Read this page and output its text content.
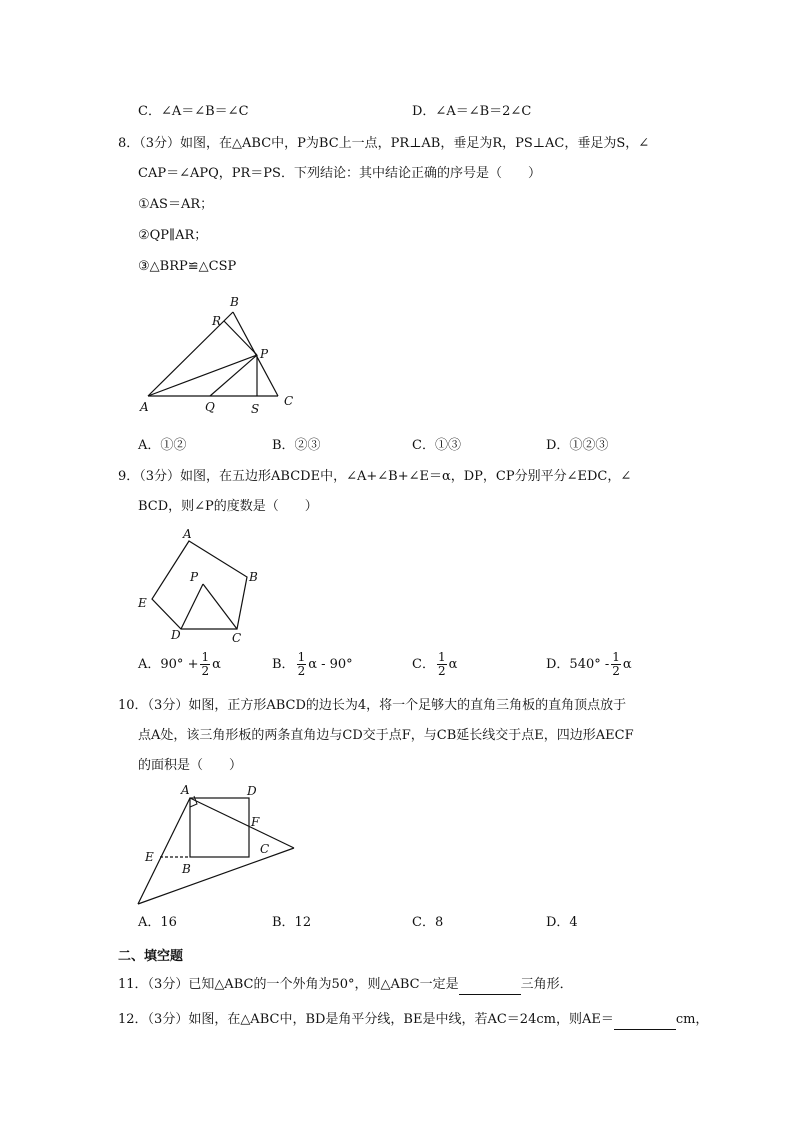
C．∠A＝∠B＝∠C	D．∠A＝∠B＝2∠C
8．（3分）如图，在△ABC中，P为BC上一点，PR⊥AB，垂足为R，PS⊥AC，垂足为S，∠
CAP＝∠APQ，PR＝PS．下列结论：其中结论正确的序号是（　　）
①AS＝AR；
②QP∥AR；
③△BRP≌△CSP
B
R
P
A	Q	S
C
A．①②	B．②③	C．①③	D．①②③
9．（3分）如图，在五边形ABCDE中，∠A+∠B+∠E＝α，DP，CP分别平分∠EDC，∠
BCD，则∠P的度数是（　　）
A
B
C
D
E
P
A．$90^\circ + \frac{1}{2}$ α	B． $\frac{1}{2}$ α - 90°	C． $\frac{1}{2}$ α	D．$540^\circ - \frac{1}{2}$ α
10．（3分）如图，正方形ABCD的边长为4，将一个足够大的直角三角板的直角顶点放于
点A处，该三角形板的两条直角边与CD交于点F，与CB延长线交于点E，四边形AECF
的面积是（　　）
A	D
F
C
E
B
A．16	B．12	C．8	D．4
二、填空题
11．（3分）已知△ABC的一个外角为50°，则△ABC一定是	三角形．
12．（3分）如图，在△ABC中，BD是角平分线，BE是中线，若AC＝24cm，则AE＝	cm，
